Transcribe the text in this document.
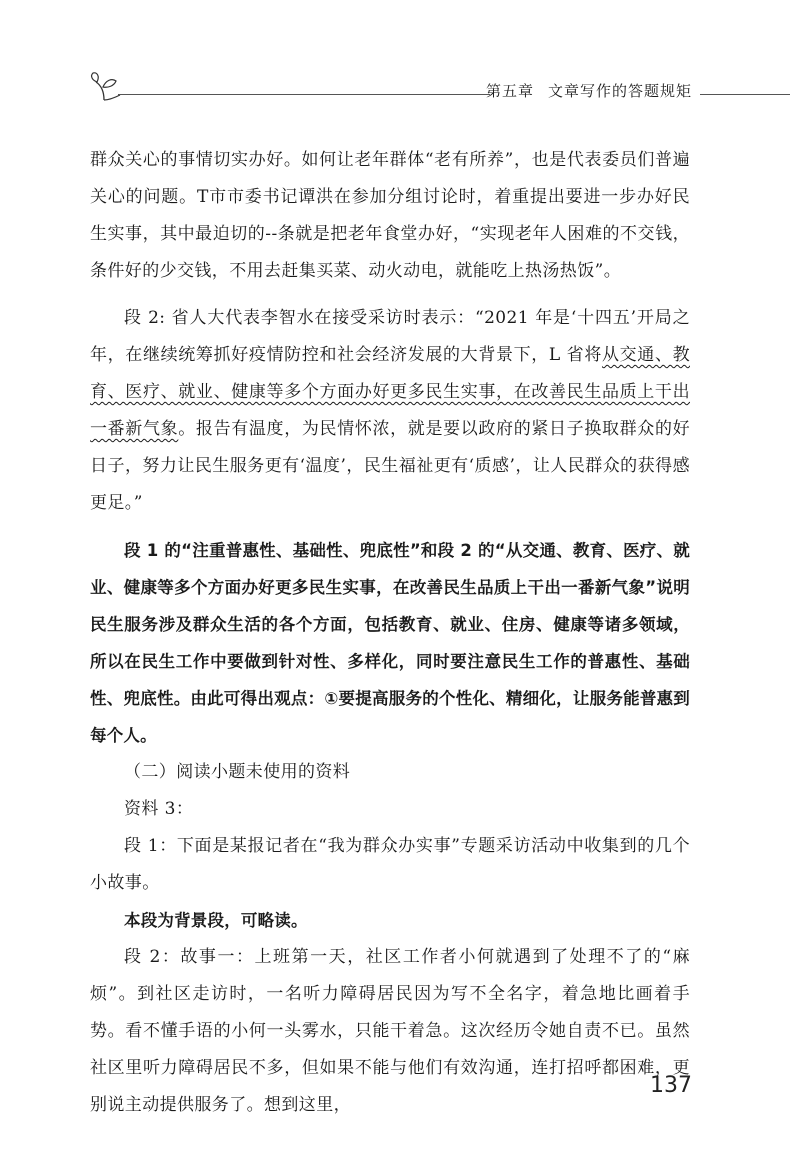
第五章 文章写作的答题规矩

群众关心的事情切实办好。如何让老年群体“老有所养”，也是代表委员们普遍关心的问题。T市市委书记谭洪在参加分组讨论时，着重提出要进一步办好民生实事，其中最迫切的--条就是把老年食堂办好，“实现老年人困难的不交钱，条件好的少交钱，不用去赶集买菜、动火动电，就能吃上热汤热饭”。

段 2: 省人大代表李智水在接受采访时表示：“2021 年是‘十四五’开局之年，在继续统筹抓好疫情防控和社会经济发展的大背景下，L 省将从交通、教育、医疗、就业、健康等多个方面办好更多民生实事，在改善民生品质上干出一番新气象。报告有温度，为民情怀浓，就是要以政府的紧日子换取群众的好日子，努力让民生服务更有‘温度’，民生福祉更有‘质感’，让人民群众的获得感更足。”

段 1 的“注重普惠性、基础性、兜底性”和段 2 的“从交通、教育、医疗、就业、健康等多个方面办好更多民生实事，在改善民生品质上干出一番新气象”说明民生服务涉及群众生活的各个方面，包括教育、就业、住房、健康等诸多领域，所以在民生工作中要做到针对性、多样化，同时要注意民生工作的普惠性、基础性、兜底性。由此可得出观点：①要提高服务的个性化、精细化，让服务能普惠到每个人。

（二）阅读小题未使用的资料

资料 3：

段 1：下面是某报记者在“我为群众办实事”专题采访活动中收集到的几个小故事。

本段为背景段，可略读。

段 2：故事一：上班第一天，社区工作者小何就遇到了处理不了的“麻烦”。到社区走访时，一名听力障碍居民因为写不全名字，着急地比画着手势。看不懂手语的小何一头雾水，只能干着急。这次经历令她自责不已。虽然社区里听力障碍居民不多，但如果不能与他们有效沟通，连打招呼都困难，更别说主动提供服务了。想到这里，

137
